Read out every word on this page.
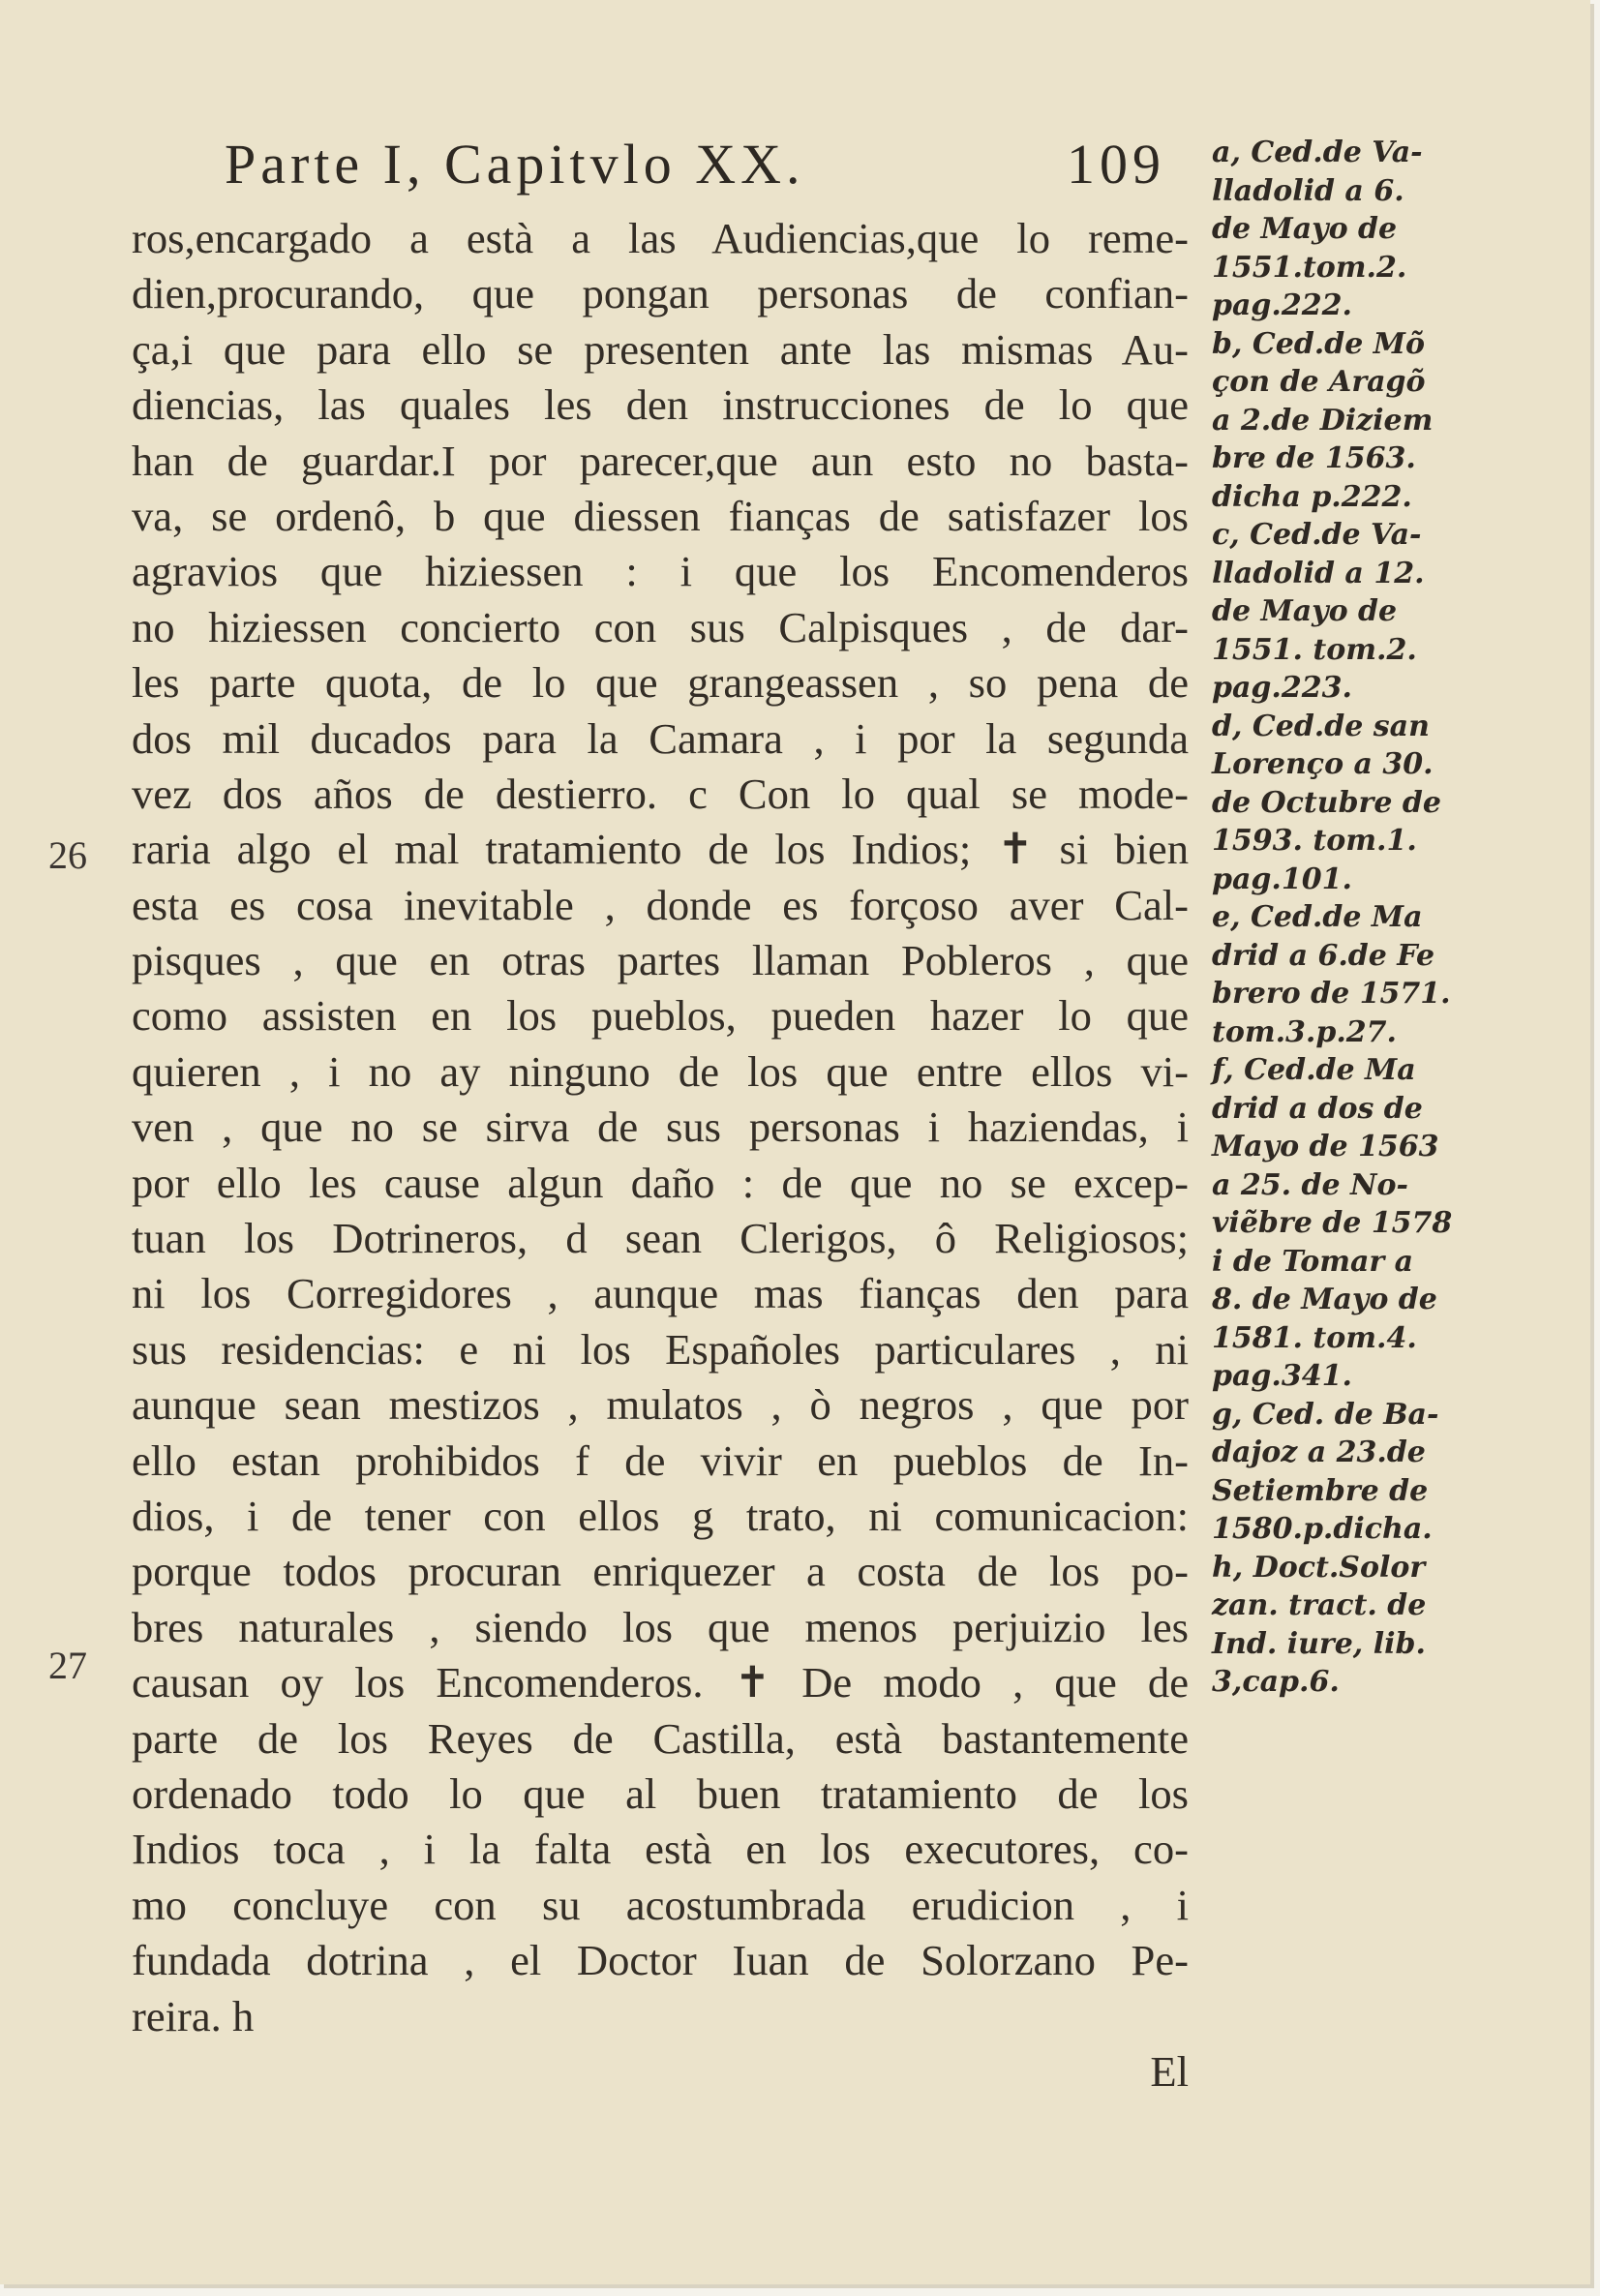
Parte I, Capitvlo XX.	109
26
27
ros,encargado a està a las Audiencias,que lo reme-
dien,procurando, que pongan personas de confian-
ça,i que para ello se presenten ante las mismas Au-
diencias, las quales les den instrucciones de lo que
han de guardar.I por parecer,que aun esto no basta-
va, se ordenô, b que diessen fianças de satisfazer los
agravios que hiziessen : i que los Encomenderos
no hiziessen concierto con sus Calpisques , de dar-
les parte quota, de lo que grangeassen , so pena de
dos mil ducados para la Camara , i por la segunda
vez dos años de destierro. c Con lo qual se mode-
raria algo el mal tratamiento de los Indios; ✝ si bien
esta es cosa inevitable , donde es forçoso aver Cal-
pisques , que en otras partes llaman Pobleros , que
como assisten en los pueblos, pueden hazer lo que
quieren , i no ay ninguno de los que entre ellos vi-
ven , que no se sirva de sus personas i haziendas, i
por ello les cause algun daño : de que no se excep-
tuan los Dotrineros, d sean Clerigos, ô Religiosos;
ni los Corregidores , aunque mas fianças den para
sus residencias: e ni los Españoles particulares , ni
aunque sean mestizos , mulatos , ò negros , que por
ello estan prohibidos f de vivir en pueblos de In-
dios, i de tener con ellos g trato, ni comunicacion:
porque todos procuran enriquezer a costa de los po-
bres naturales , siendo los que menos perjuizio les
causan oy los Encomenderos. ✝ De modo , que de
parte de los Reyes de Castilla, està bastantemente
ordenado todo lo que al buen tratamiento de los
Indios toca , i la falta està en los executores, co-
mo concluye con su acostumbrada erudicion , i
fundada dotrina , el Doctor Iuan de Solorzano Pe-
reira. h
El
a, Ced.de Va-
lladolid a 6.
de Mayo de
1551.tom.2.
pag.222.
b, Ced.de Mõ
çon de Aragõ
a 2.de Diziem
bre de 1563.
dicha p.222.
c, Ced.de Va-
lladolid a 12.
de Mayo de
1551. tom.2.
pag.223.
d, Ced.de san
Lorenço a 30.
de Octubre de
1593. tom.1.
pag.101.
e, Ced.de Ma
drid a 6.de Fe
brero de 1571.
tom.3.p.27.
f, Ced.de Ma
drid a dos de
Mayo de 1563
a 25. de No-
viẽbre de 1578
i de Tomar a
8. de Mayo de
1581. tom.4.
pag.341.
g, Ced. de Ba-
dajoz a 23.de
Setiembre de
1580.p.dicha.
h, Doct.Solor
zan. tract. de
Ind. iure, lib.
3,cap.6.
